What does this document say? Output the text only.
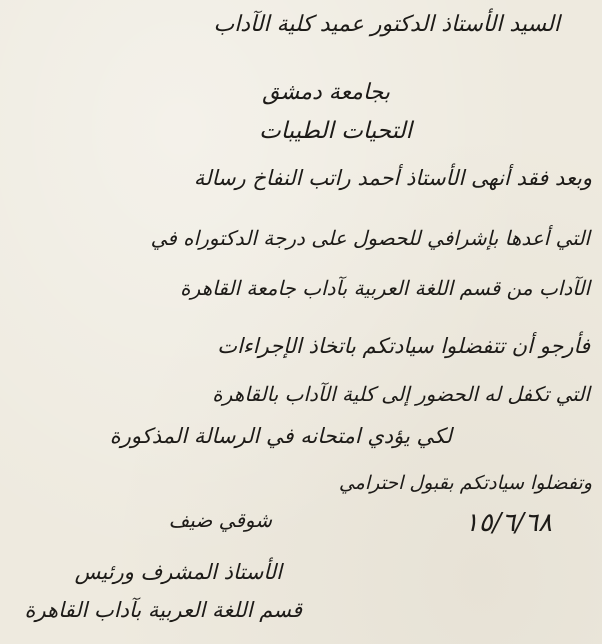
السيد الأستاذ الدكتور عميد كلية الآداب
بجامعة دمشق
التحيات الطيبات
وبعد فقد أنهى الأستاذ أحمد راتب النفاخ رسالة
التي أعدها بإشرافي للحصول على درجة الدكتوراه في
الآداب من قسم اللغة العربية بآداب جامعة القاهرة
فأرجو أن تتفضلوا سيادتكم باتخاذ الإجراءات
التي تكفل له الحضور إلى كلية الآداب بالقاهرة
لكي يؤدي امتحانه في الرسالة المذكورة
وتفضلوا سيادتكم بقبول احترامي
شوقي ضيف	١٥/٦/٦٨
الأستاذ المشرف ورئيس
قسم اللغة العربية بآداب القاهرة
